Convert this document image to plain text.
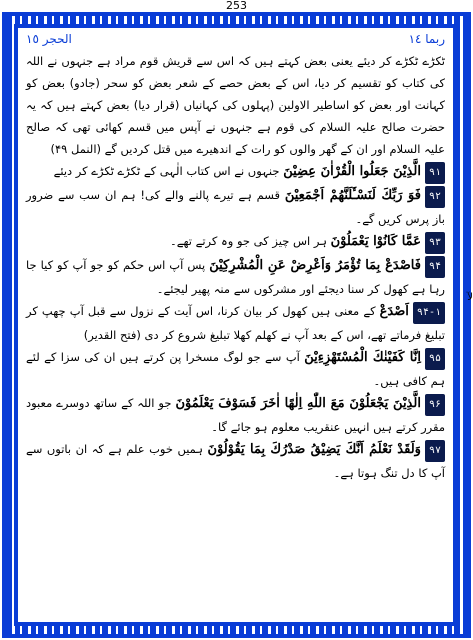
253
ربما ١٤
الحجر ١٥

ٹکڑے ٹکڑے کر دیئے یعنی بعض کہتے ہیں کہ اس سے قریش قوم مراد ہے جنہوں نے اللہ کی کتاب کو تقسیم کر دیا، اس کے بعض حصے کے شعر بعض کو سحر (جادو) بعض کو کہانت اور بعض کو اساطیر الاولین (پہلوں کی کہانیاں (قرار دیا) بعض کہتے ہیں کہ یہ حضرت صالح علیہ السلام کی قوم ہے جنہوں نے آپس میں قسم کھائی تھی کہ صالح علیہ السلام اور ان کے گھر والوں کو رات کے اندھیرے میں قتل کردیں گے (النمل ۴۹)

۹۱الَّذِيْنَ جَعَلُوا الْقُرْاٰنَ عِضِيْنَ جنہوں نے اس کتاب الٰہی کے ٹکڑے ٹکڑے کر دیئے

۹۲فَوَ رَبِّكَ لَنَسْـَٔلَنَّهُمْ اَجْمَعِيْنَ قسم ہے تیرے پالنے والے کی! ہم ان سب سے ضرور باز پرس کریں گے۔

۹۳عَمَّا كَانُوْا يَعْمَلُوْنَ ہر اس چیز کی جو وہ کرتے تھے۔

۹۴فَاصْدَعْ بِمَا تُؤْمَرُ وَاَعْرِضْ عَنِ الْمُشْرِكِيْنَ پس آپ اس حکم کو جو آپ کو کیا جا رہا ہے کھول کر سنا دیجئے اور مشرکوں سے منہ پھیر لیجئے۔

۹۴-۱اَصْدَعْ کے معنی ہیں کھول کر بیان کرنا، اس آیت کے نزول سے قبل آپ چھپ کر تبلیغ فرماتے تھے، اس کے بعد آپ نے کھلم کھلا تبلیغ شروع کر دی (فتح القدیر)

۹۵اِنَّا كَفَيْنٰكَ الْمُسْتَهْزِءِيْنَ آپ سے جو لوگ مسخرا پن کرتے ہیں ان کی سزا کے لئے ہم کافی ہیں۔

۹۶الَّذِيْنَ يَجْعَلُوْنَ مَعَ اللّٰهِ اِلٰهًا اٰخَرَ فَسَوْفَ يَعْلَمُوْنَ جو اللہ کے ساتھ دوسرے معبود مقرر کرتے ہیں انہیں عنقریب معلوم ہو جائے گا۔

۹۷وَلَقَدْ نَعْلَمُ اَنَّكَ يَضِيْقُ صَدْرُكَ بِمَا يَقُوْلُوْنَ ہمیں خوب علم ہے کہ ان باتوں سے آپ کا دل تنگ ہوتا ہے۔

لآ
